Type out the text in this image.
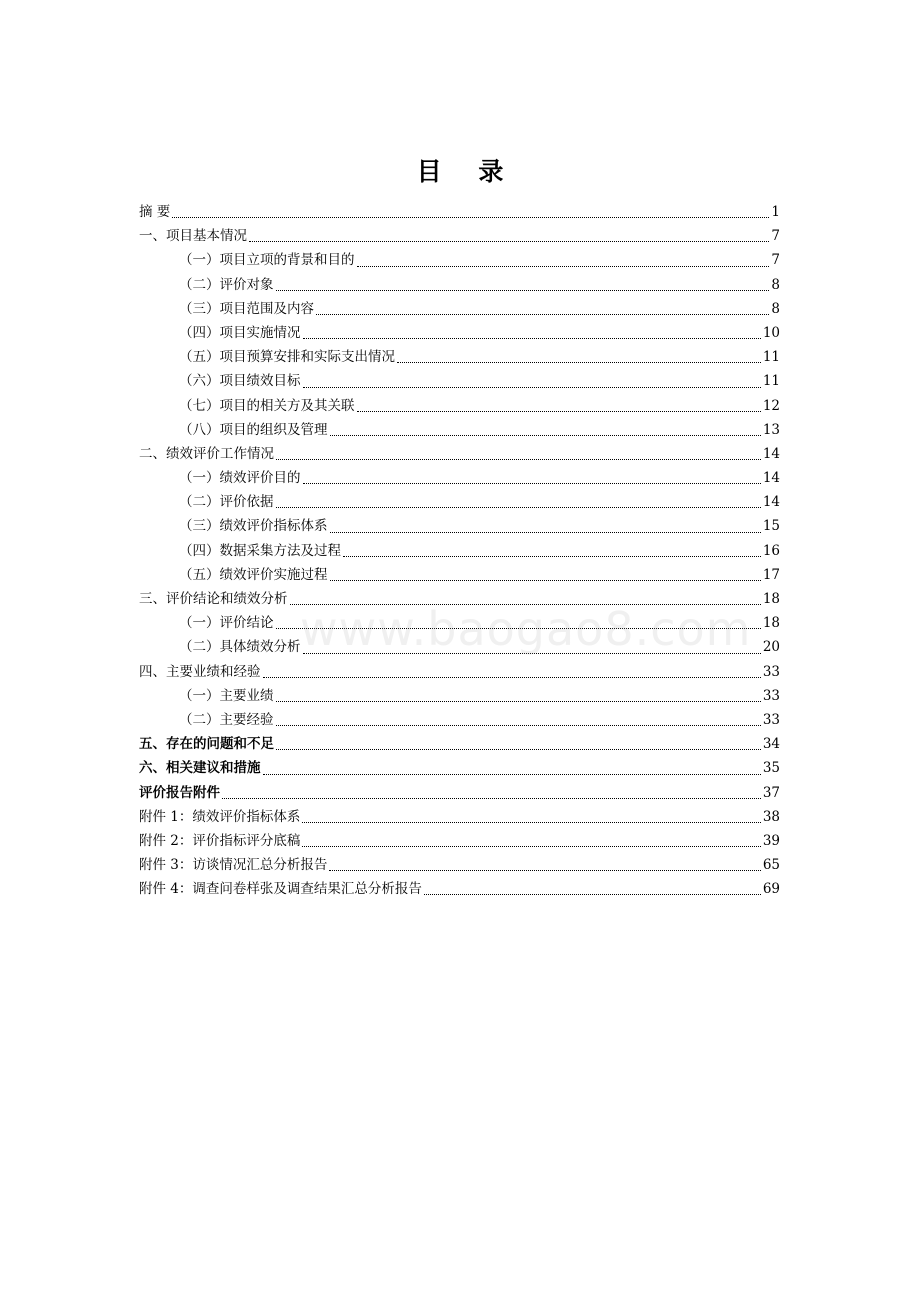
目 录
摘 要	1
一、项目基本情况	7
（一）项目立项的背景和目的	7
（二）评价对象	8
（三）项目范围及内容	8
（四）项目实施情况	10
（五）项目预算安排和实际支出情况	11
（六）项目绩效目标	11
（七）项目的相关方及其关联	12
（八）项目的组织及管理	13
二、绩效评价工作情况	14
（一）绩效评价目的	14
（二）评价依据	14
（三）绩效评价指标体系	15
（四）数据采集方法及过程	16
（五）绩效评价实施过程	17
三、评价结论和绩效分析	18
（一）评价结论	18
（二）具体绩效分析	20
四、主要业绩和经验	33
（一）主要业绩	33
（二）主要经验	33
五、存在的问题和不足	34
六、相关建议和措施	35
评价报告附件	37
附件 1：绩效评价指标体系	38
附件 2：评价指标评分底稿	39
附件 3：访谈情况汇总分析报告	65
附件 4：调查问卷样张及调查结果汇总分析报告	69
www.baogao8.com
